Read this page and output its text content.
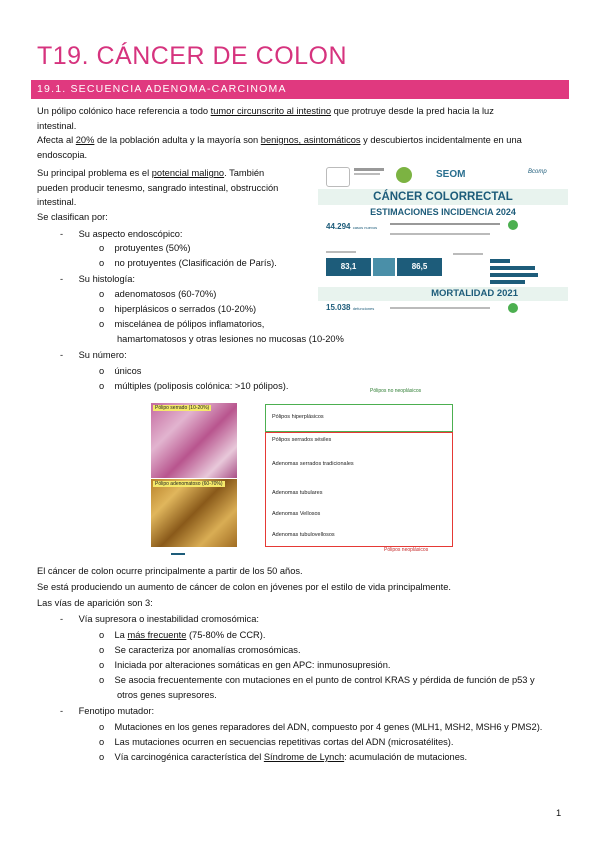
T19. CÁNCER DE COLON
19.1. SECUENCIA ADENOMA-CARCINOMA
Un pólipo colónico hace referencia a todo tumor circunscrito al intestino que protruye desde la pred hacia la luz
intestinal.
Afecta al 20% de la población adulta y la mayoría son benignos, asintomáticos y descubiertos incidentalmente en una
endoscopia.
Su principal problema es el potencial maligno. También
pueden producir tenesmo, sangrado intestinal, obstrucción
intestinal.
Se clasifican por:
-      Su aspecto endoscópico:
o    protuyentes (50%)
o    no protuyentes (Clasificación de París).
-      Su histología:
o    adenomatosos (60-70%)
o    hiperplásicos o serrados (10-20%)
o    miscelánea de pólipos inflamatorios,
hamartomatosos y otras lesiones no mucosas (10-20%
-      Su número:
o    únicos
o    múltiples (poliposis colónica: >10 pólipos).
SEOM	Bcomp
CÁNCER COLORRECTAL
ESTIMACIONES INCIDENCIA 2024
44.294 casos nuevos
83,1	86,5
MORTALIDAD 2021
15.038 defunciones
Pólipos no neoplásicos
Pólipo serrado (10-20%)
Pólipo adenomatoso (60-70%)
Pólipos hiperplásicos
Pólipos serrados sésiles
Adenomas serrados tradicionales
Adenomas tubulares
Adenomas Vellosos
Adenomas tubulovellosos
Pólipos neoplásicos
El cáncer de colon ocurre principalmente a partir de los 50 años.
Se está produciendo un aumento de cáncer de colon en jóvenes por el estilo de vida principalmente.
Las vías de aparición son 3:
-      Vía supresora o inestabilidad cromosómica:
o    La más frecuente (75-80% de CCR).
o    Se caracteriza por anomalías cromosómicas.
o    Iniciada por alteraciones somáticas en gen APC: inmunosupresión.
o    Se asocia frecuentemente con mutaciones en el punto de control KRAS y pérdida de función de p53 y
otros genes supresores.
-      Fenotipo mutador:
o    Mutaciones en los genes reparadores del ADN, compuesto por 4 genes (MLH1, MSH2, MSH6 y PMS2).
o    Las mutaciones ocurren en secuencias repetitivas cortas del ADN (microsatélites).
o    Vía carcinogénica característica del Síndrome de Lynch: acumulación de mutaciones.
1
